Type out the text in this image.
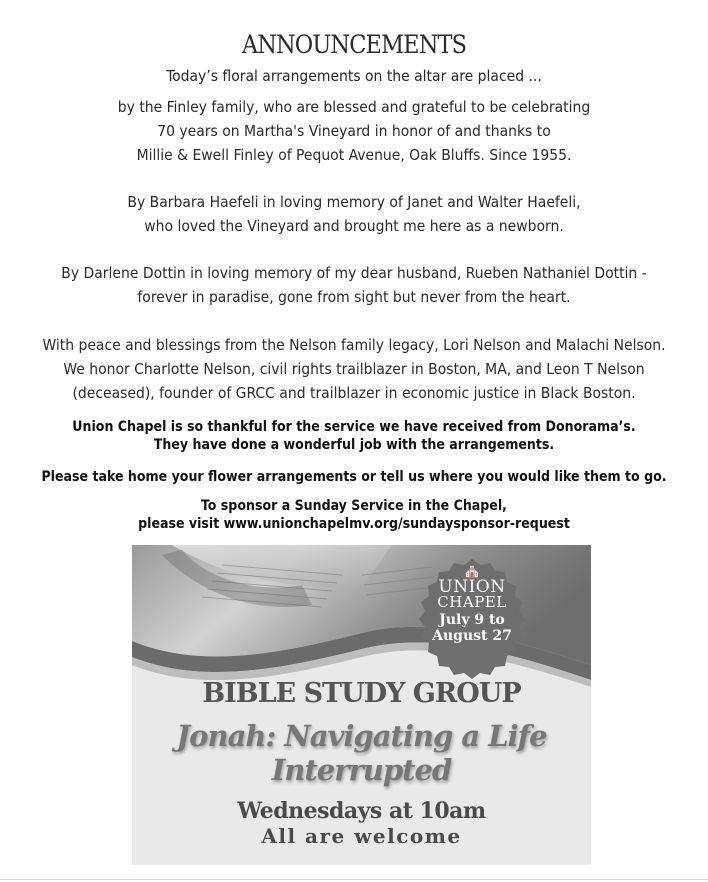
ANNOUNCEMENTS
Today’s floral arrangements on the altar are placed ...
by the Finley family, who are blessed and grateful to be celebrating
70 years on Martha's Vineyard in honor of and thanks to
Millie & Ewell Finley of Pequot Avenue, Oak Bluffs. Since 1955.
By Barbara Haefeli in loving memory of Janet and Walter Haefeli,
who loved the Vineyard and brought me here as a newborn.
By Darlene Dottin in loving memory of my dear husband, Rueben Nathaniel Dottin -
forever in paradise, gone from sight but never from the heart.
With peace and blessings from the Nelson family legacy, Lori Nelson and Malachi Nelson.
We honor Charlotte Nelson, civil rights trailblazer in Boston, MA, and Leon T Nelson
(deceased), founder of GRCC and trailblazer in economic justice in Black Boston.
Union Chapel is so thankful for the service we have received from Donorama’s.
They have done a wonderful job with the arrangements.
Please take home your flower arrangements or tell us where you would like them to go.
To sponsor a Sunday Service in the Chapel,
please visit www.unionchapelmv.org/sundaysponsor-request
⛪
UNION
CHAPEL
July 9 to
August 27
BIBLE STUDY GROUP
Jonah: Navigating a Life
Interrupted
Wednesdays at 10am
All are welcome
